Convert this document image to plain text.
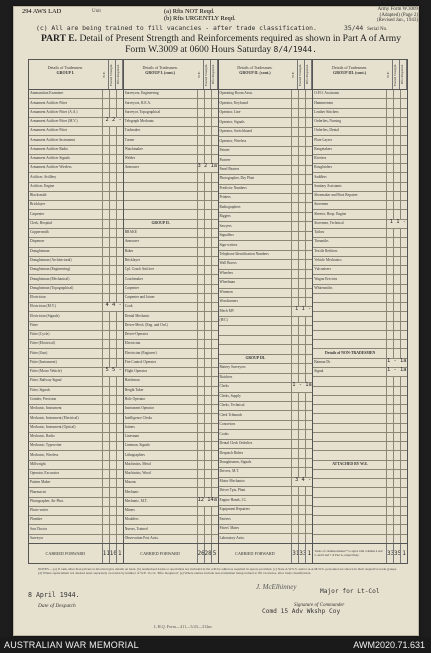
294 AWS LAD	Unit	(a) Rfts NOT Reqd.
(b) Rfts URGENTLY Reqd.
Army Form W.3009
(Adapted) (Page 2)
(Revised Jan., 1943)
(c) All are being trained to fill vacancies - after trade classification.	35/44 Serial No.
PART E. Detail of Present Strength and Reinforcements required as shown in Part A of Army Form W.3009 at 0600 Hours Saturday 8/4/1944.
Details of Tradesmen.
GROUP I.	W.E. Posted Strength. Rfts Required.
Ammunition Examiner
Armament Artificer Fitter
Armament Artificer Fitter (A.A.)
Armament Artificer Fitter (M.V.)	2 2 -
Armament Artificer Fitter
Armament Artificer Instrument
Armament Artificer Radio
Armament Artificer Signals
Armament Artificer Wireless
Artificer, Artillery
Artificer, Engine
Blacksmith
Bricklayer
Carpenter
Clerk, Hospital
Coppersmith
Dispenser
Draughtsman
Draughtsman (Architectural)
Draughtsman (Engineering)
Draughtsman (Mechanical)
Draughtsman (Topographical)
Electrician
Electrician (M.V.)	4 4 -
Electrician (Signals)
Fitter
Fitter (Cycle)
Fitter (Electrical)
Fitter (Gun)
Fitter (Instrument)
Fitter (Motor Vehicle)	5 5 -
Fitter, Railway Signal
Fitter, Signals
Grinder, Precision
Mechanic, Instrument
Mechanic, Instrument (Electrical)
Mechanic, Instrument (Optical)
Mechanic, Radio
Mechanic, Typewriter
Mechanic, Wireless
Millwright
Operator, Excavator
Pattern Maker
Pharmacist
Photographer, Air Phot.
Photo-writer
Plumber
Saw Doctor
Surveyor
CARRIED FORWARD	11 10 1
Details of Tradesmen.
GROUP I. (cont.)	W.E. Posted Strength. Rfts Required.
Surveyors, Engineering
Surveyors, R.E.A.
Surveyor, Topographical
Telegraph Mechanic
Toolmaker
Turner
Watchmaker
Welder
Armourer	3 2 1a
GROUP II.
BRAKE
Armourer
Baker
Bricklayer
Cpl. Coach Artificer
Coachmaker
Carpenter
Carpenter and Joiner
Cook
Dental Mechanic
Driver-Mech. (Eng. and Ord.)
Driver-Operator
Electrician
Electrician (Engineer)
Fire Control Operator
Flight Operator
Hatchman
Height Taker
Hole Operator
Instrument Operator
Intelligence Clerks
Joiners
Linesman
Lineman, Signals
Lithographers
Machinists, Metal
Machinists, Wood
Masons
Mechanic
Mechanic, M.T.	12 14a
Miners
Moulders
Nurses, Trained
Observation Post Assts.
CARRIED FORWARD	26 28 5
Details of Tradesmen.
GROUP II. (cont.)	W.E. Posted Strength. Rfts Required.
Operating Room Assts.
Operator, Keyboard
Operator, Line
Operator, Signals
Operator, Switchboard
Operator, Wireless
Painter
Pioneer
Panel Beaters
Photographer, Dry Plate
Predictor Numbers
Printers
Radiographers
Riggers
Sawyers
Signallers
Sign-writers
Telephone Identification Numbers
Wall Borers
Wheelers
Wheelman
Wiremen
Woodturners
Mech MV	1 1 -
(B/C)
GROUP III.
Battery Surveyors
Butchers
Clerks	1 - 1a
Clerks, Supply
Clerks, Technical
Clerk Tribunals
Concretors
Cooks
Dental Clerk Orderlies
Despatch Riders
Draughtsmen, Signals
Drivers, M.T.
Motor Mechanics	3 4 -
Driver Tpts, Plant
Engine Hands, I.C.
Equipment Repairers
Farriers
Fitters' Mates
Laboratory Assts.
CARRIED FORWARD	31 33 1
Details of Tradesmen.
GROUP III. (cont.)	W.E. Posted Strength. Rfts Required.
O.P.O. Assistants
Hammermen
Leather Stitchers
Orderlies, Nursing
Orderlies, Dental
Plate Layers
Rangetakers
Riveters
Roughriders
Saddlers
Sanitary Assistants
Shoemaker and Boot Repairer
Storemen
Sheeter, Hosp. Engine
Storemen, Technical	1 1 -
Tailors
Tinsmiths
Textile Refitters
Vehicle Mechanics
Vulcanisers
Wagon Erectors
Whitesmiths
Details of NON-TRADESMEN
Batman Dr	1 - 1a
Signal	1 - 1a
ATTACHED BY W.E.
Totals of columns marked * to agree with columns 4 and 5, and 6 and 7 of Part A, respectively.	33 35 1
NOTES.—(a) If rank other than private is involved give details on back. (b) Authorised trades or specialists not included in list will be added as required in spaces provided. (c) State A.W.S.S. and/or A.A.M.W.S. personnel are shown in their respective trade groups. (d) Where replacement not desired enter separately on return by number of W.E. in col. 'Rfts. Required.' (e) Where entries include non-tradesmen being trained to fill vacancies, after trade classification.
8 April 1944.
Date of Despatch
J. McElhinney
Major for Lt-Col
Signature of Commander
Comd 15 Adv Wkshp Coy
L.H.Q. Form—411—5/43—312m.
AUSTRALIAN WAR MEMORIAL	AWM2020.71.631
